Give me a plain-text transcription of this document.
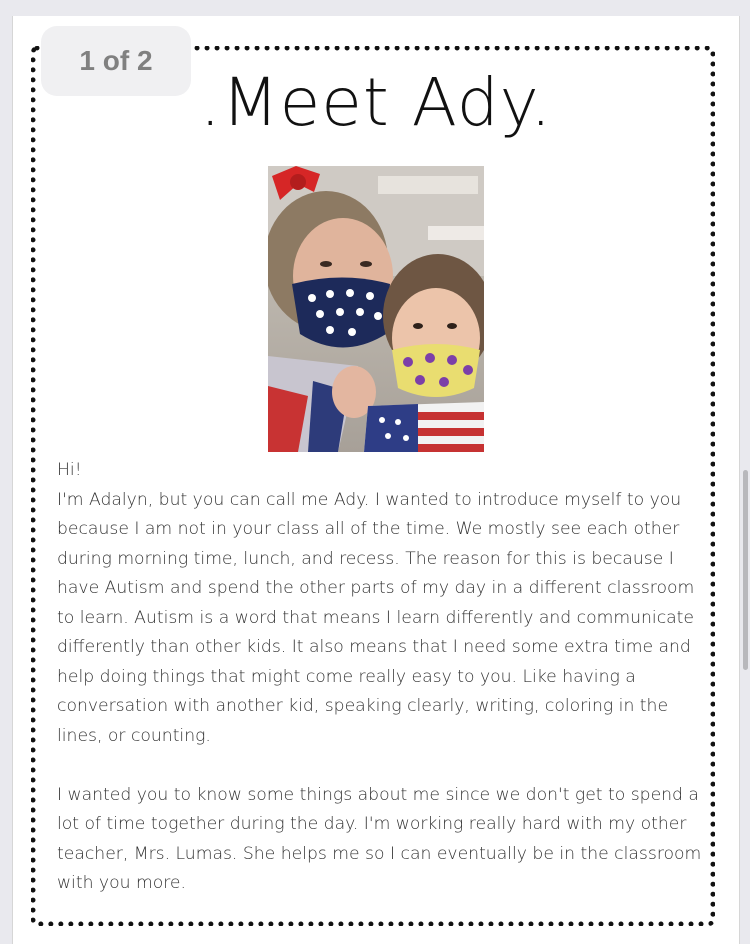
1 of 2
.Meet Ady.

Hi!

I'm Adalyn, but you can call me Ady. I wanted to introduce myself to you because I am not in your class all of the time. We mostly see each other during morning time, lunch, and recess. The reason for this is because I have Autism and spend the other parts of my day in a different classroom to learn. Autism is a word that means I learn differently and communicate differently than other kids. It also means that I need some extra time and help doing things that might come really easy to you. Like having a conversation with another kid, speaking clearly, writing, coloring in the lines, or counting.

I wanted you to know some things about me since we don't get to spend a lot of time together during the day. I'm working really hard with my other teacher, Mrs. Lumas. She helps me so I can eventually be in the classroom with you more.
